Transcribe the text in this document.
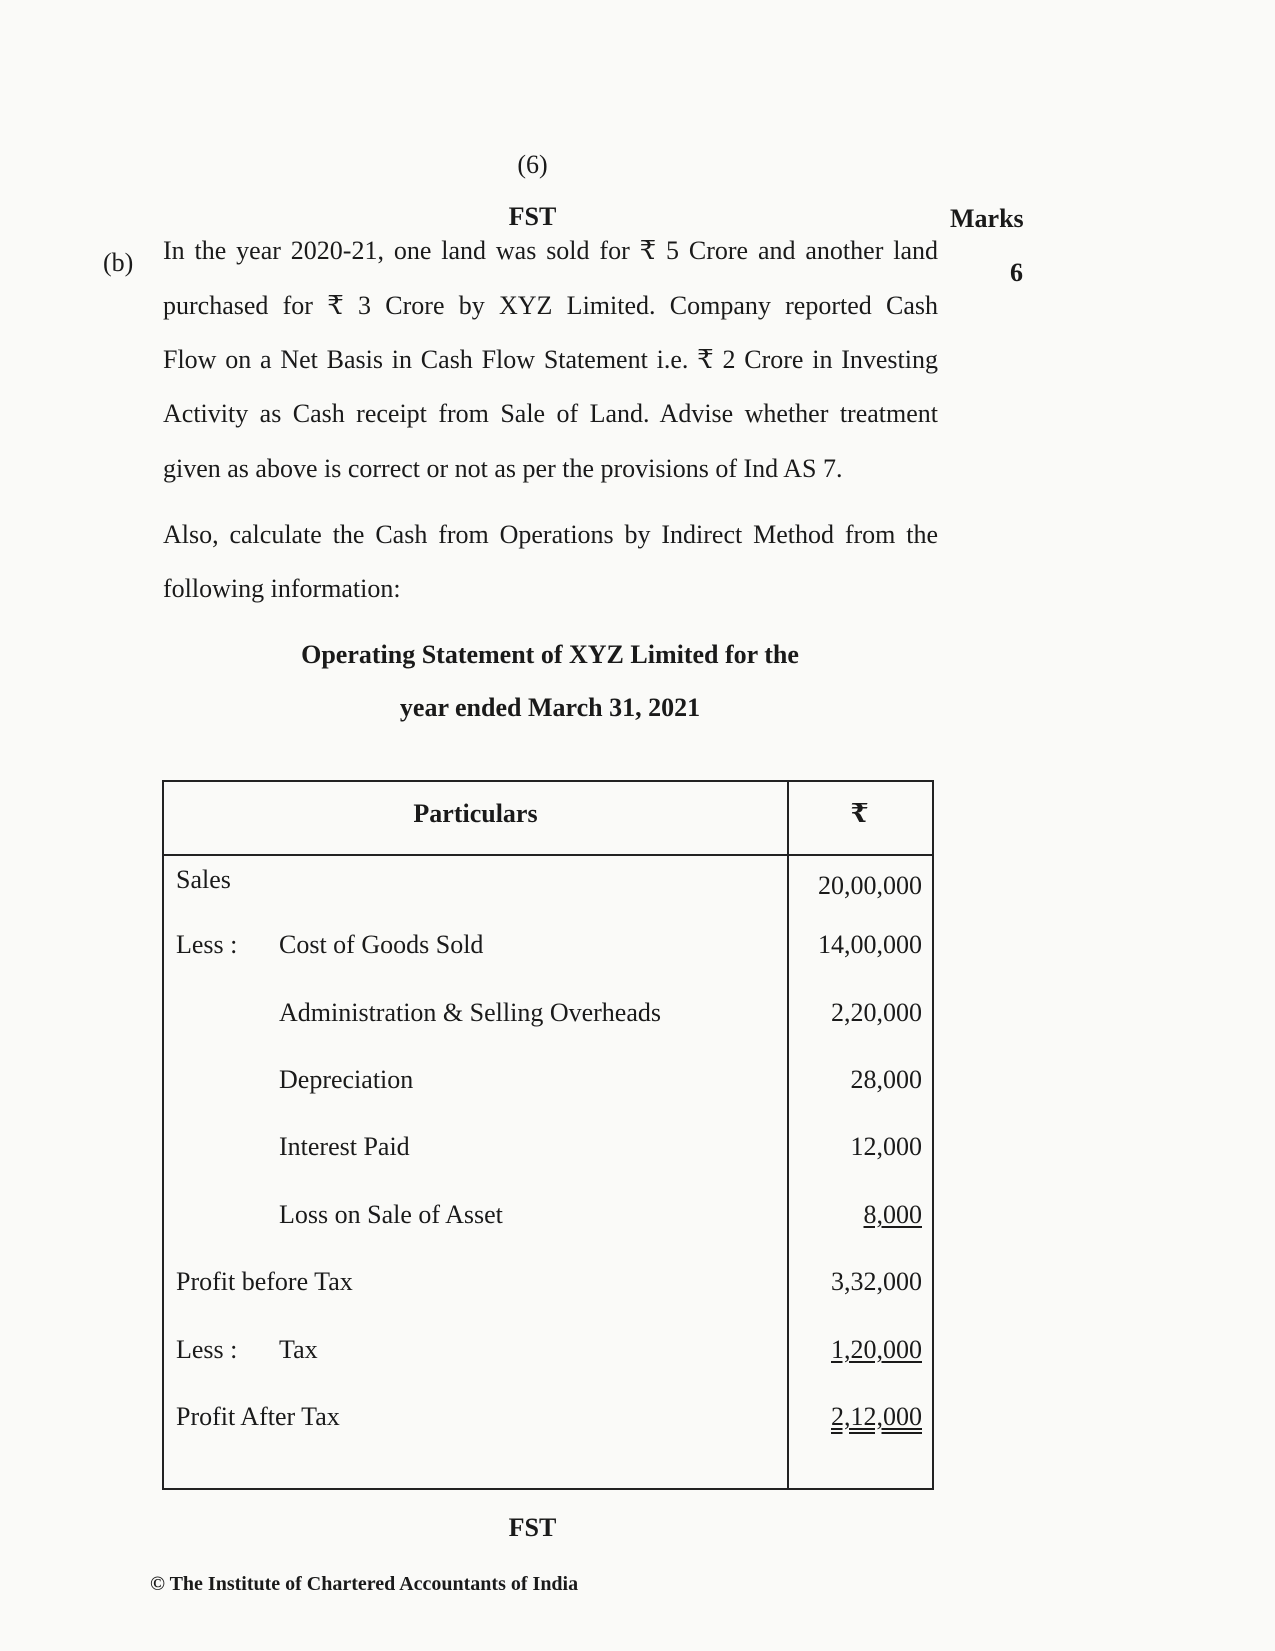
(6)
FST	Marks
6
(b) In the year 2020-21, one land was sold for ₹ 5 Crore and another land
purchased for ₹ 3 Crore by XYZ Limited. Company reported Cash
Flow on a Net Basis in Cash Flow Statement i.e. ₹ 2 Crore in Investing
Activity as Cash receipt from Sale of Land. Advise whether treatment
given as above is correct or not as per the provisions of Ind AS 7.
Also, calculate the Cash from Operations by Indirect Method from the
following information:
Operating Statement of XYZ Limited for the
year ended March 31, 2021
Particulars	₹
Sales	20,00,000
Less : Cost of Goods Sold	14,00,000
Administration & Selling Overheads	2,20,000
Depreciation	28,000
Interest Paid	12,000
Loss on Sale of Asset	8,000
Profit before Tax	3,32,000
Less : Tax	1,20,000
Profit After Tax	2,12,000
FST
© The Institute of Chartered Accountants of India
